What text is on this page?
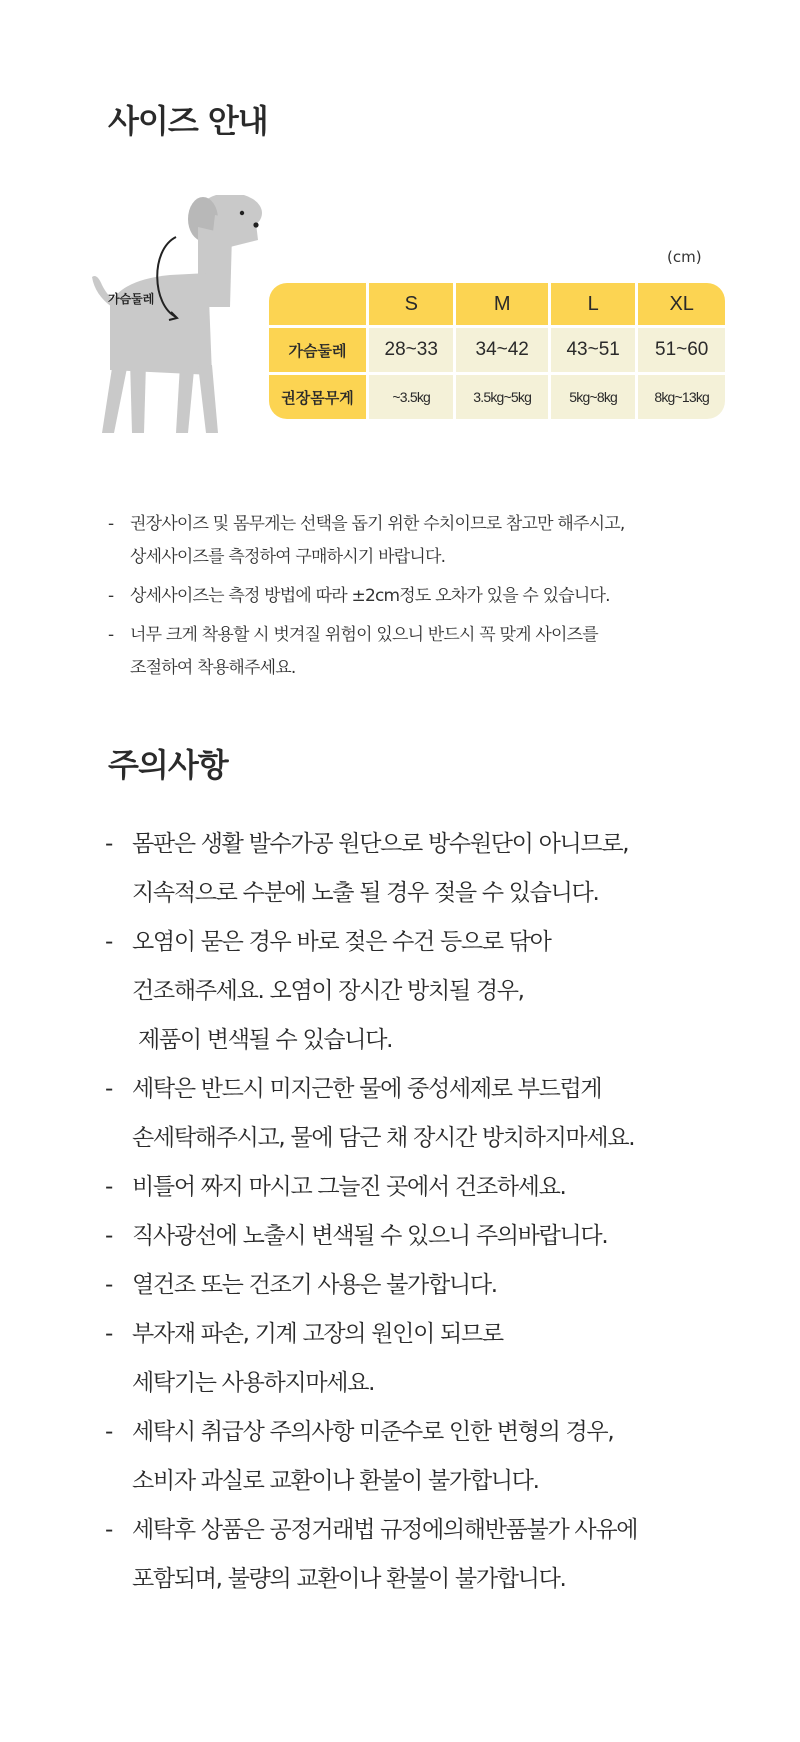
사이즈 안내
가슴둘레
(cm)
	S	M	L	XL
가슴둘레	28~33	34~42	43~51	51~60
권장몸무게	~3.5kg	3.5kg~5kg	5kg~8kg	8kg~13kg
- 권장사이즈 및 몸무게는 선택을 돕기 위한 수치이므로 참고만 해주시고,
상세사이즈를 측정하여 구매하시기 바랍니다.
- 상세사이즈는 측정 방법에 따라 ±2cm정도 오차가 있을 수 있습니다.
- 너무 크게 착용할 시 벗겨질 위험이 있으니 반드시 꼭 맞게 사이즈를
조절하여 착용해주세요.
주의사항
- 몸판은 생활 발수가공 원단으로 방수원단이 아니므로,
지속적으로 수분에 노출 될 경우 젖을 수 있습니다.
- 오염이 묻은 경우 바로 젖은 수건 등으로 닦아
건조해주세요. 오염이 장시간 방치될 경우,
제품이 변색될 수 있습니다.
- 세탁은 반드시 미지근한 물에 중성세제로 부드럽게
손세탁해주시고, 물에 담근 채 장시간 방치하지마세요.
- 비틀어 짜지 마시고 그늘진 곳에서 건조하세요.
- 직사광선에 노출시 변색될 수 있으니 주의바랍니다.
- 열건조 또는 건조기 사용은 불가합니다.
- 부자재 파손, 기계 고장의 원인이 되므로
세탁기는 사용하지마세요.
- 세탁시 취급상 주의사항 미준수로 인한 변형의 경우,
소비자 과실로 교환이나 환불이 불가합니다.
- 세탁후 상품은 공정거래법 규정에의해반품불가 사유에
포함되며, 불량의 교환이나 환불이 불가합니다.
